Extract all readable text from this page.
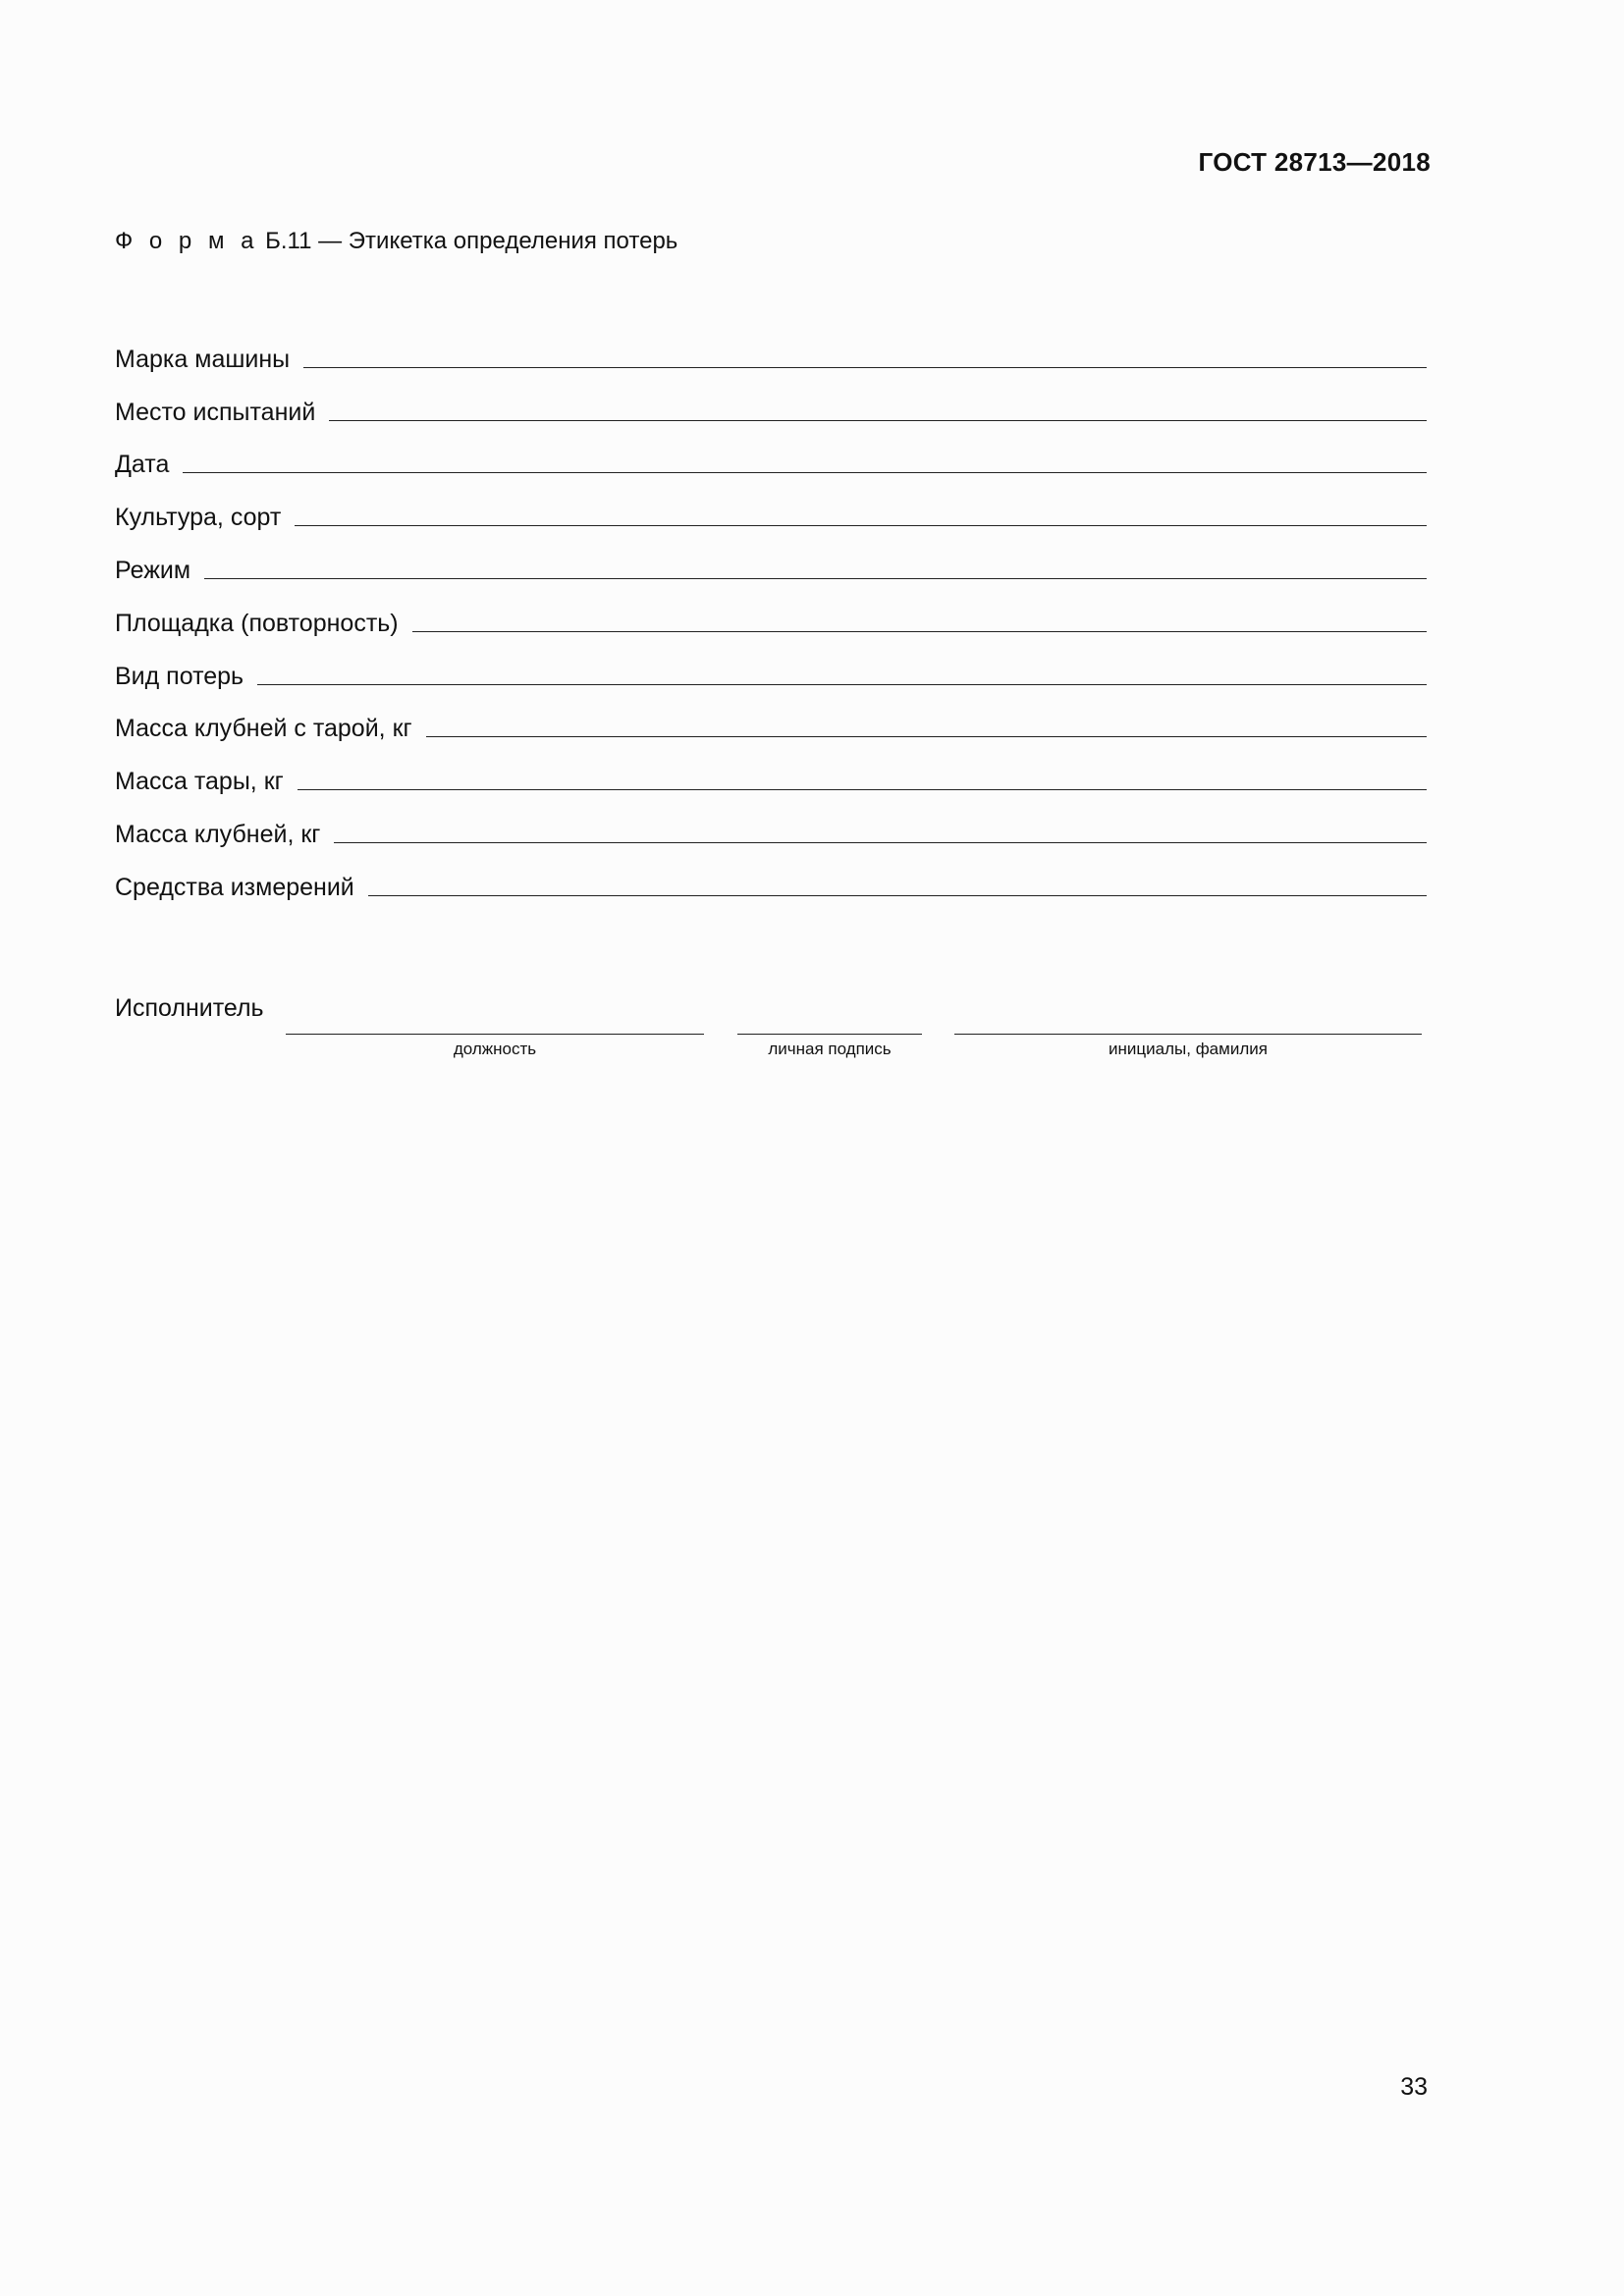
ГОСТ 28713—2018
Ф о р м а Б.11 — Этикетка определения потерь
Марка машины
Место испытаний
Дата
Культура, сорт
Режим
Площадка (повторность)
Вид потерь
Масса клубней с тарой, кг
Масса тары, кг
Масса клубней, кг
Средства измерений
Исполнитель
должность	личная подпись	инициалы, фамилия
33
